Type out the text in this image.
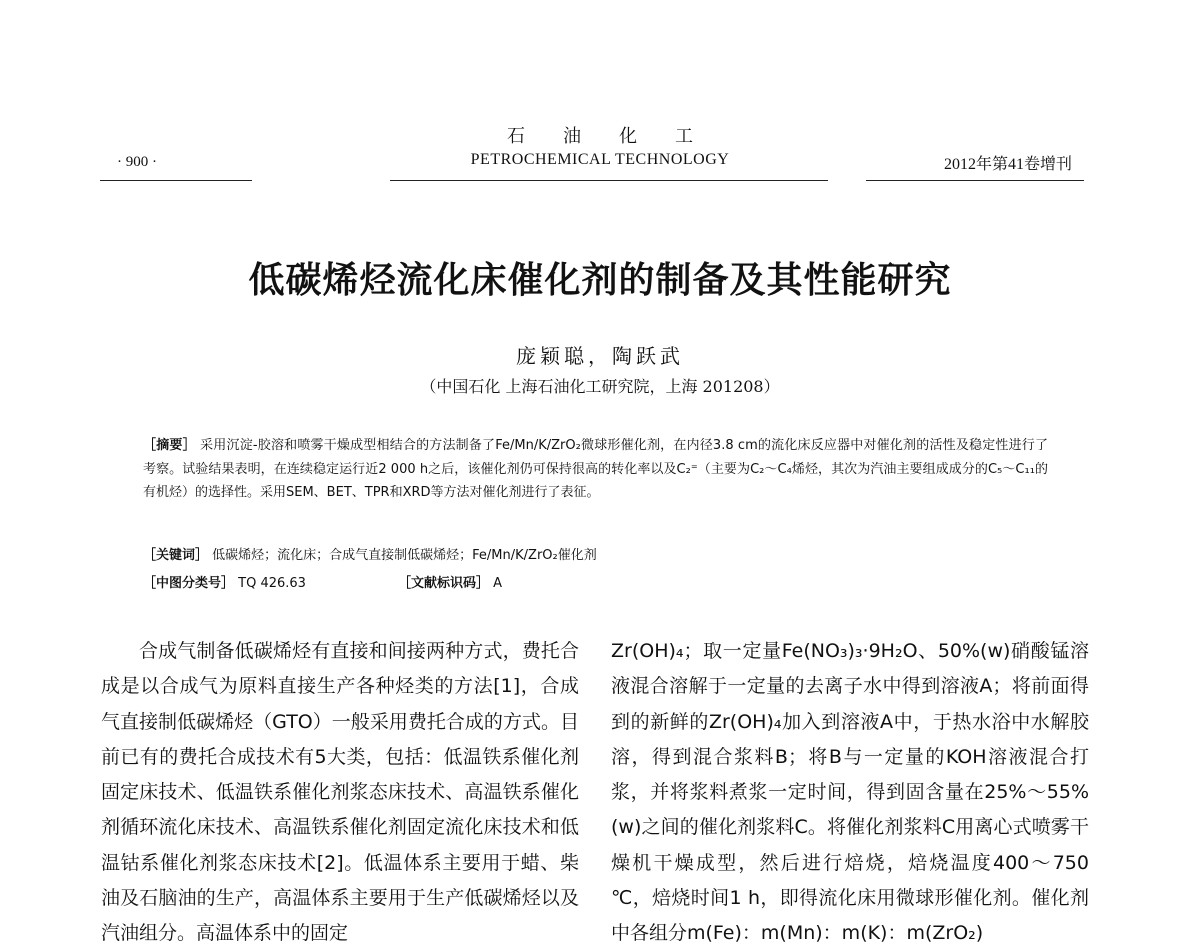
石油化工
· 900 ·	PETROCHEMICAL TECHNOLOGY	2012年第41卷增刊
低碳烯烃流化床催化剂的制备及其性能研究
庞颖聪，陶跃武
（中国石化 上海石油化工研究院，上海 201208）
［摘要］ 采用沉淀-胶溶和喷雾干燥成型相结合的方法制备了Fe/Mn/K/ZrO₂微球形催化剂，在内径3.8 cm的流化床反应器中对催化剂的活性及稳定性进行了考察。试验结果表明，在连续稳定运行近2 000 h之后，该催化剂仍可保持很高的转化率以及C₂⁼（主要为C₂～C₄烯烃，其次为汽油主要组成成分的C₅～C₁₁的有机烃）的选择性。采用SEM、BET、TPR和XRD等方法对催化剂进行了表征。
［关键词］ 低碳烯烃；流化床；合成气直接制低碳烯烃；Fe/Mn/K/ZrO₂催化剂
［中图分类号］ TQ 426.63	［文献标识码］ A

合成气制备低碳烯烃有直接和间接两种方式，费托合成是以合成气为原料直接生产各种烃类的方法[1]，合成气直接制低碳烯烃（GTO）一般采用费托合成的方式。目前已有的费托合成技术有5大类，包括：低温铁系催化剂固定床技术、低温铁系催化剂浆态床技术、高温铁系催化剂循环流化床技术、高温铁系催化剂固定流化床技术和低温钴系催化剂浆态床技术[2]。低温体系主要用于蜡、柴油及石脑油的生产，高温体系主要用于生产低碳烯烃以及汽油组分。高温体系中的固定

Zr(OH)₄；取一定量Fe(NO₃)₃·9H₂O、50%(w)硝酸锰溶液混合溶解于一定量的去离子水中得到溶液A；将前面得到的新鲜的Zr(OH)₄加入到溶液A中，于热水浴中水解胶溶，得到混合浆料B；将B与一定量的KOH溶液混合打浆，并将浆料煮浆一定时间，得到固含量在25%～55%(w)之间的催化剂浆料C。将催化剂浆料C用离心式喷雾干燥机干燥成型，然后进行焙烧，焙烧温度400～750 ℃，焙烧时间1 h，即得流化床用微球形催化剂。催化剂中各组分m(Fe)：m(Mn)：m(K)：m(ZrO₂)
